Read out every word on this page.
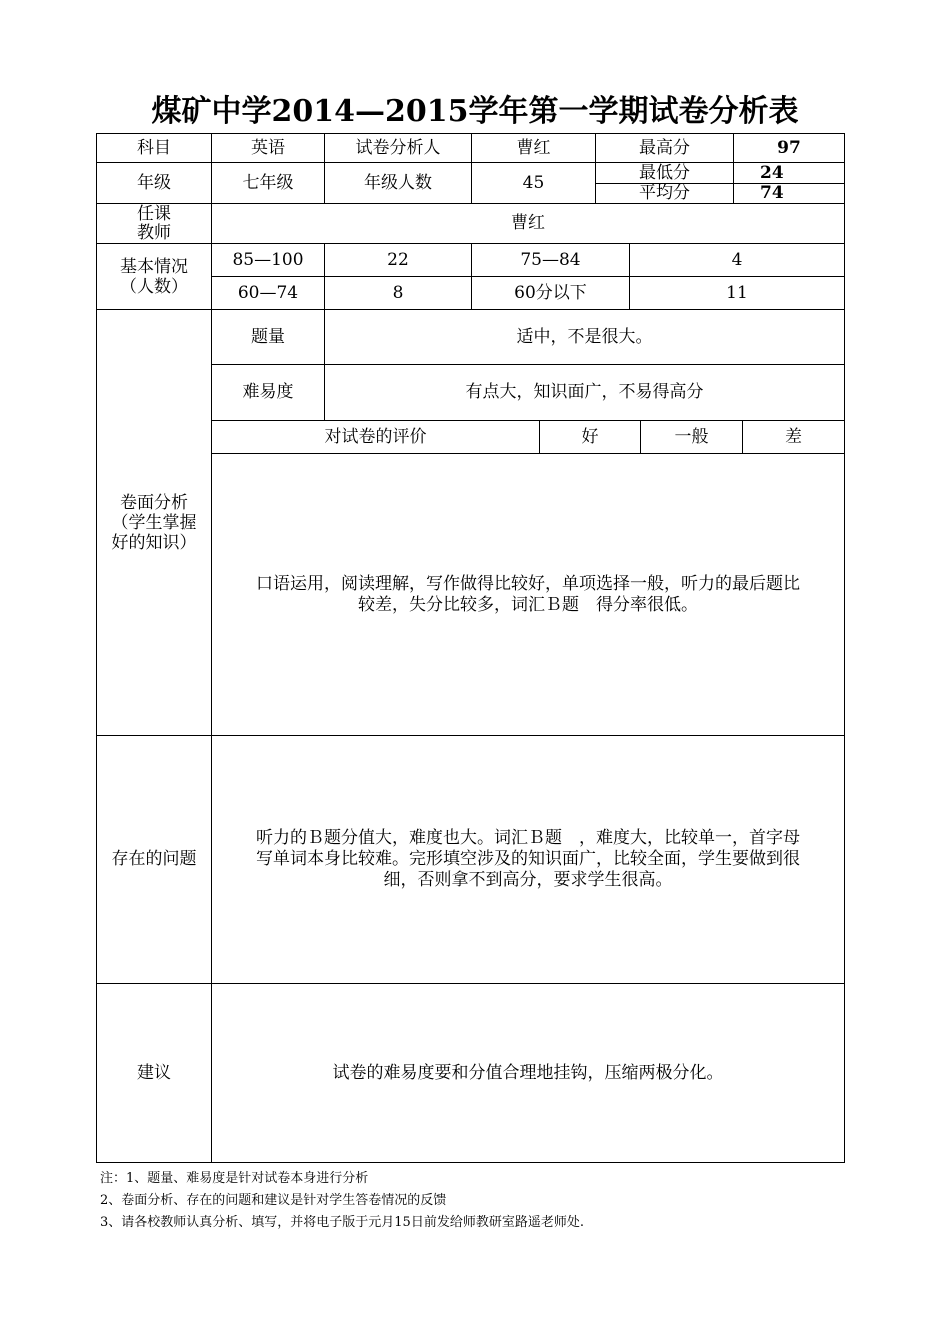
煤矿中学2014—2015学年第一学期试卷分析表
科目	英语	试卷分析人	曹红	最高分	97
年级	七年级	年级人数	45	最低分	24
平均分	74
任课
教师	曹红
基本情况
（人数）
85—100	22	75—84	4
60—74	8	60分以下	11
卷面分析
（学生掌握
好的知识）
题量	适中，不是很大。
难易度	有点大，知识面广，不易得高分
对试卷的评价	好	一般	差
口语运用，阅读理解，写作做得比较好，单项选择一般，听力的最后题比
较差，失分比较多，词汇Ｂ题　得分率很低。
存在的问题
听力的Ｂ题分值大，难度也大。词汇Ｂ题　，难度大，比较单一，首字母
写单词本身比较难。完形填空涉及的知识面广，比较全面，学生要做到很
细，否则拿不到高分，要求学生很高。
建议	试卷的难易度要和分值合理地挂钩，压缩两极分化。
注：1、题量、难易度是针对试卷本身进行分析
2、卷面分析、存在的问题和建议是针对学生答卷情况的反馈
3、请各校教师认真分析、填写，并将电子版于元月15日前发给师教研室路遥老师处.
